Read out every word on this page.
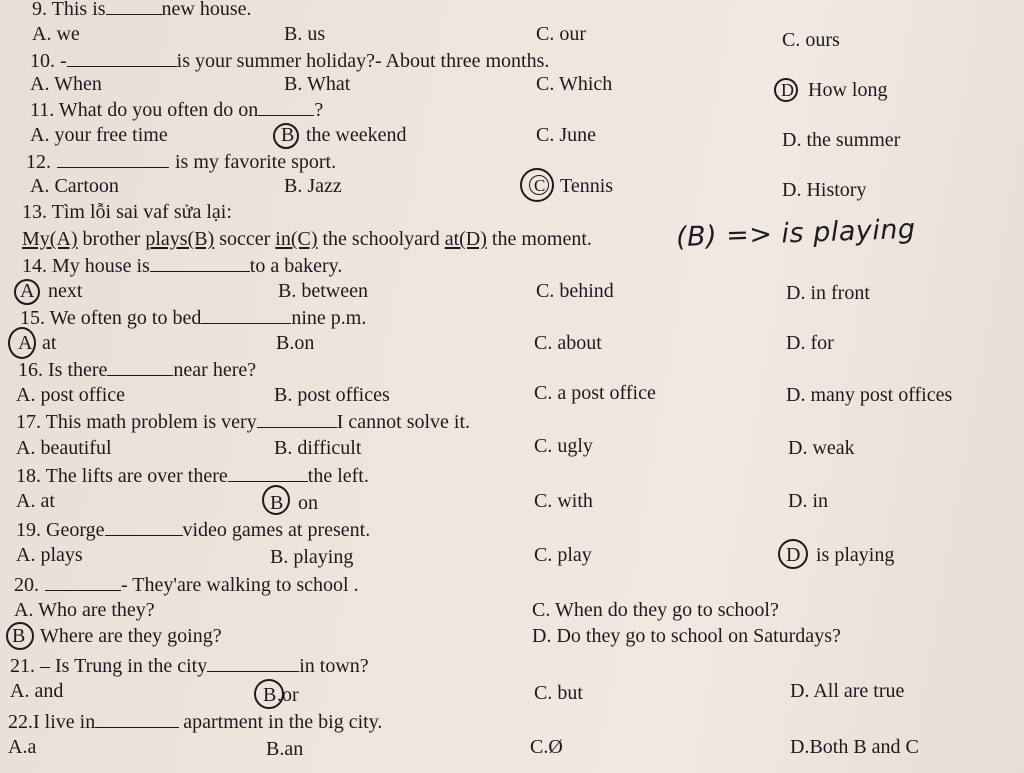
9. This is	new house.
A. we	B. us	C. our	C. ours
10. -	is your summer holiday?- About three months.
A. When	B. What	C. Which	D How long
11. What do you often do on	?
A. your free time	B the weekend	C. June	D. the summer
12.	is my favorite sport.
A. Cartoon	B. Jazz	C Tennis	D. History
13. Tìm lỗi sai vaf sửa lại:
My(A) brother plays(B) soccer in(C) the schoolyard at(D) the moment.	(B) => is playing
14. My house is	to a bakery.
A next	B. between	C. behind	D. in front
15. We often go to bed	nine p.m.
A at	B.on	C. about	D. for
16. Is there	near here?
A. post office	B. post offices	C. a post office	D. many post offices
17. This math problem is very	I cannot solve it.
A. beautiful	B. difficult	C. ugly	D. weak
18. The lifts are over there	the left.
A. at	B on	C. with	D. in
19. George	video games at present.
A. plays	B. playing	C. play	D is playing
20.	- They'are walking to school .
A. Who are they?	C. When do they go to school?
B Where are they going?	D. Do they go to school on Saturdays?
21. – Is Trung in the city	in town?
A. and	B .or	C. but	D. All are true
22.I live in	apartment in the big city.
A.a	B.an	C.Ø	D.Both B and C
